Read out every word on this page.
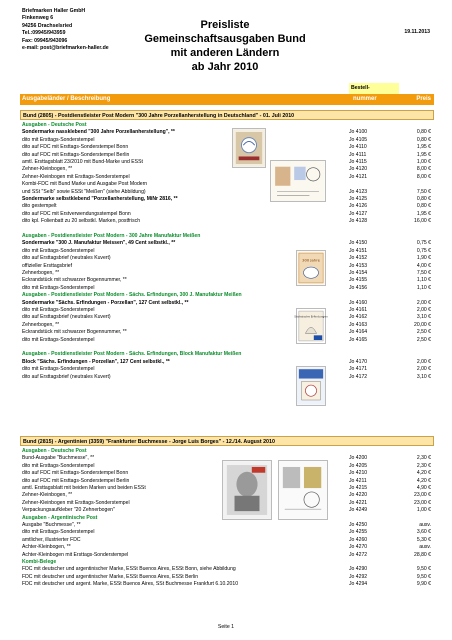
Briefmarken Haller GmbH
Finkenweg 6
94256 Drachselsried
Tel.:09945/943959
Fax: 09945/943096
e-mail: post@briefmarken-haller.de
Preisliste
Gemeinschaftsausgaben Bund
mit anderen Ländern
ab Jahr 2010
19.11.2013
Bestell-
Ausgabeländer / Beschreibung	nummer	Preis
Bund (2805) - Postdienstleister Post Modern "300 Jahre Porzellanherstellung in Deutschland" - 01. Juli 2010
Ausgaben - Deutsche Post
Sondermarke nassklebend "300 Jahre Porzellanherstellung", **	Jo 4100	0,80 €
dito mit Ersttags-Sonderstempel	Jo 4105	0,80 €
dito auf FDC mit Ersttags-Sonderstempel Bonn	Jo 4110	1,95 €
dito auf FDC mit Ersttags-Sonderstempel Berlin	Jo 4111	1,95 €
amtl. Ersttagsblatt 23/2010 mit Bund-Marke und ESSt	Jo 4115	1,00 €
Zehner-Kleinbogen, **	Jo 4120	8,00 €
Zehner-Kleinbogen mit Ersttags-Sonderstempel	Jo 4121	8,00 €
Kombi-FDC mit Bund Marke und Ausgabe Post Modern
und SSt "Selb" sowie ESSt "Meißen" (siehe Abbildung)	Jo 4123	7,50 €
Sondermarke selbstklebend "Porzellanherstellung, MiNr 2816, **	Jo 4125	0,80 €
dito gestempelt	Jo 4126	0,80 €
dito auf FDC mit Erstverwendungsstempel Bonn	Jo 4127	1,95 €
dito kpl. Folienbatt zu 20 selbstkl. Marken, postfrisch	Jo 4128	16,00 €
Ausgaben - Postdienstleister Post Modern - 300 Jahre Manufaktur Meißen
Sondermarke "300 J. Manufaktur Meissen", 49 Cent selbstkl., **	Jo 4150	0,75 €
dito mit Ersttags-Sonderstempel	Jo 4151	0,75 €
dito auf Ersttagsbrief (neutrales Kuvert)	Jo 4152	1,90 €
offizieller Ersttagsbrief	Jo 4153	4,00 €
Zehnerbogen, **	Jo 4154	7,50 €
Eckrandstück mit schwarzer Bogennummer, **	Jo 4155	1,10 €
dito mit Ersttags-Sonderstempel	Jo 4156	1,10 €
Ausgaben - Postdienstleister Post Modern - Sächs. Erfindungen, 300 J. Manufaktur Meißen
Sondermarke "Sächs. Erfindungen - Porzellan", 127 Cent selbstkl., **	Jo 4160	2,00 €
dito mit Ersttags-Sonderstempel	Jo 4161	2,00 €
dito auf Ersttagsbrief (neutrales Kuvert)	Jo 4162	3,10 €
Zehnerbogen, **	Jo 4163	20,00 €
Eckrandstück mit schwarzer Bogennummer, **	Jo 4164	2,50 €
dito mit Ersttags-Sonderstempel	Jo 4165	2,50 €
Ausgaben - Postdienstleister Post Modern - Sächs. Erfindungen, Block Manufaktur Meißen
Block "Sächs. Erfindungen - Porzellan", 127 Cent selbstkl., **	Jo 4170	2,00 €
dito mit Ersttags-Sonderstempel	Jo 4171	2,00 €
dito auf Ersttagsbrief (neutrales Kuvert)	Jo 4172	3,10 €
Bund (2815) - Argentinien (3359) "Frankfurter Buchmesse - Jorge Luis Borges" - 12./14. August 2010
Ausgaben - Deutsche Post
Bund-Ausgabe "Buchmesse", **	Jo 4200	2,30 €
dito mit Ersttags-Sonderstempel	Jo 4205	2,30 €
dito auf FDC mit Ersttags-Sonderstempel Bonn	Jo 4210	4,20 €
dito auf FDC mit Ersttags-Sonderstempel Berlin	Jo 4211	4,20 €
amtl. Ersttagsblatt mit beiden Marken und beiden ESSt	Jo 4215	4,90 €
Zehner-Kleinbogen, **	Jo 4220	23,00 €
Zehner-Kleinbogen mit Ersttags-Sonderstempel	Jo 4221	23,00 €
Verpackungsaufkleber "20 Zehnerbogen"	Jo 4249	1,00 €
Ausgaben - Argentinische Post
Ausgabe "Buchmesse", **	Jo 4250	ausv.
dito mit Ersttags-Sonderstempel	Jo 4255	3,60 €
amtlicher, illustrierter FDC	Jo 4260	5,30 €
Achter-Kleinbogen, **	Jo 4270	ausv.
Achter-Kleinbogen mit Ersttags-Sonderstempel	Jo 4272	28,80 €
Kombi-Belege
FDC mit deutscher und argentinischer Marke, ESSt Buenos Aires, ESSt Bonn, siehe Abbildung	Jo 4290	9,50 €
FDC mit deutscher und argentinischer Marke, ESSt Buenos Aires, ESSt Berlin	Jo 4292	9,50 €
FDC mit deutscher und argent. Marke, ESSt Buenos Aires, SSt Buchmesse Frankfurt 6.10.2010	Jo 4294	9,90 €
300 Jahre
Sächsische Erfindungen
Seite 1
